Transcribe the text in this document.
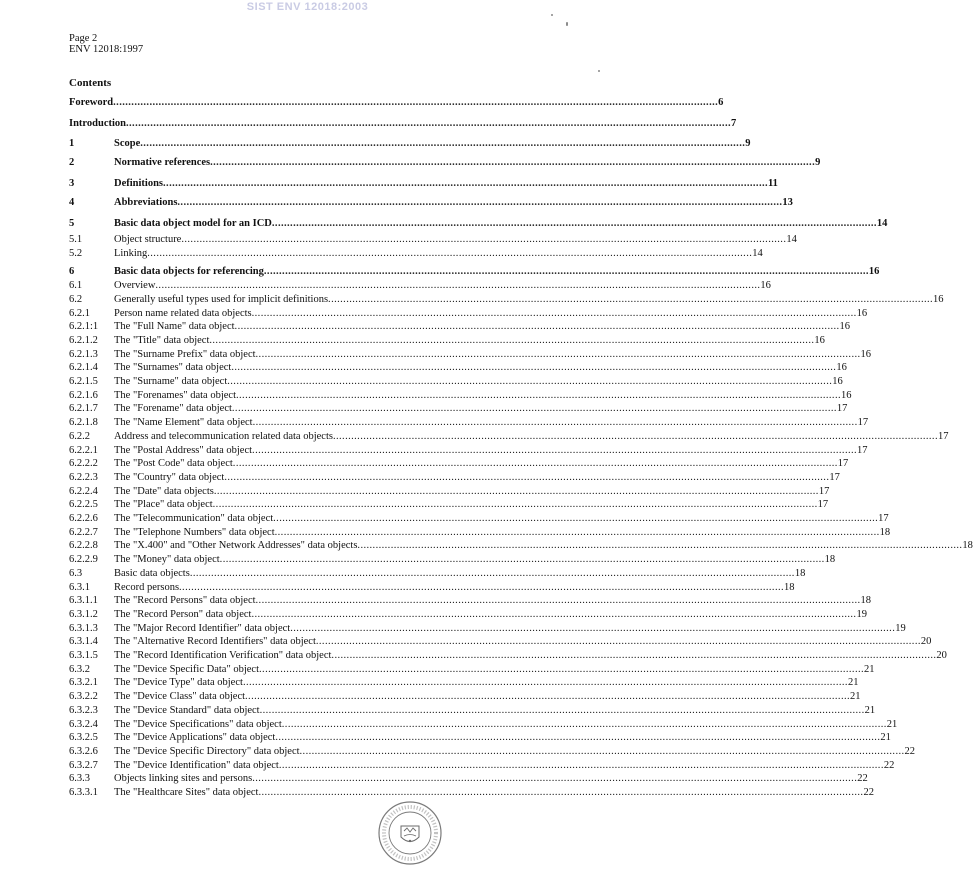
SIST ENV 12018:2003
Page 2
ENV 12018:1997
Contents
Foreword ........................................................................................................................................................................................................ 6
Introduction ........................................................................................................................................................................................................ 7
1	Scope ........................................................................................................................................................................................................ 9
2	Normative references ........................................................................................................................................................................................................ 9
3	Definitions ........................................................................................................................................................................................................ 11
4	Abbreviations ........................................................................................................................................................................................................ 13
5	Basic data object model for an ICD ........................................................................................................................................................................................................ 14
5.1	Object structure ........................................................................................................................................................................................................ 14
5.2	Linking ........................................................................................................................................................................................................ 14
6	Basic data objects for referencing ........................................................................................................................................................................................................ 16
6.1	Overview ........................................................................................................................................................................................................ 16
6.2	Generally useful types used for implicit definitions ........................................................................................................................................................................................................ 16
6.2.1 Person name related data objects ........................................................................................................................................................................................................ 16
6.2.1:1 The "Full Name" data object ........................................................................................................................................................................................................ 16
6.2.1.2 The "Title" data object ........................................................................................................................................................................................................ 16
6.2.1.3 The "Surname Prefix" data object ........................................................................................................................................................................................................ 16
6.2.1.4 The "Surnames" data object ........................................................................................................................................................................................................ 16
6.2.1.5 The "Surname" data object ........................................................................................................................................................................................................ 16
6.2.1.6 The "Forenames" data object ........................................................................................................................................................................................................ 16
6.2.1.7 The "Forename" data object ........................................................................................................................................................................................................ 17
6.2.1.8 The "Name Element" data object ........................................................................................................................................................................................................ 17
6.2.2 Address and telecommunication related data objects ........................................................................................................................................................................................................ 17
6.2.2.1 The "Postal Address" data object ........................................................................................................................................................................................................ 17
6.2.2.2 The "Post Code" data object ........................................................................................................................................................................................................ 17
6.2.2.3 The "Country" data object ........................................................................................................................................................................................................ 17
6.2.2.4 The "Date" data objects ........................................................................................................................................................................................................ 17
6.2.2.5 The "Place" data object ........................................................................................................................................................................................................ 17
6.2.2.6 The "Telecommunication" data object ........................................................................................................................................................................................................ 17
6.2.2.7 The "Telephone Numbers" data object ........................................................................................................................................................................................................ 18
6.2.2.8 The "X.400" and "Other Network Addresses" data objects ........................................................................................................................................................................................................ 18
6.2.2.9 The "Money" data object ........................................................................................................................................................................................................ 18
6.3	Basic data objects ........................................................................................................................................................................................................ 18
6.3.1 Record persons ........................................................................................................................................................................................................ 18
6.3.1.1 The "Record Persons" data object ........................................................................................................................................................................................................ 18
6.3.1.2 The "Record Person" data object ........................................................................................................................................................................................................ 19
6.3.1.3 The "Major Record Identifier" data object ........................................................................................................................................................................................................ 19
6.3.1.4 The "Alternative Record Identifiers" data object ........................................................................................................................................................................................................ 20
6.3.1.5 The "Record Identification Verification" data object ........................................................................................................................................................................................................ 20
6.3.2 The "Device Specific Data" object ........................................................................................................................................................................................................ 21
6.3.2.1 The "Device Type" data object ........................................................................................................................................................................................................ 21
6.3.2.2 The "Device Class" data object ........................................................................................................................................................................................................ 21
6.3.2.3 The "Device Standard" data object ........................................................................................................................................................................................................ 21
6.3.2.4 The "Device Specifications" data object ........................................................................................................................................................................................................ 21
6.3.2.5 The "Device Applications" data object ........................................................................................................................................................................................................ 21
6.3.2.6 The "Device Specific Directory" data object ........................................................................................................................................................................................................ 22
6.3.2.7 The "Device Identification" data object ........................................................................................................................................................................................................ 22
6.3.3 Objects linking sites and persons ........................................................................................................................................................................................................ 22
6.3.3.1 The "Healthcare Sites" data object ........................................................................................................................................................................................................ 22
